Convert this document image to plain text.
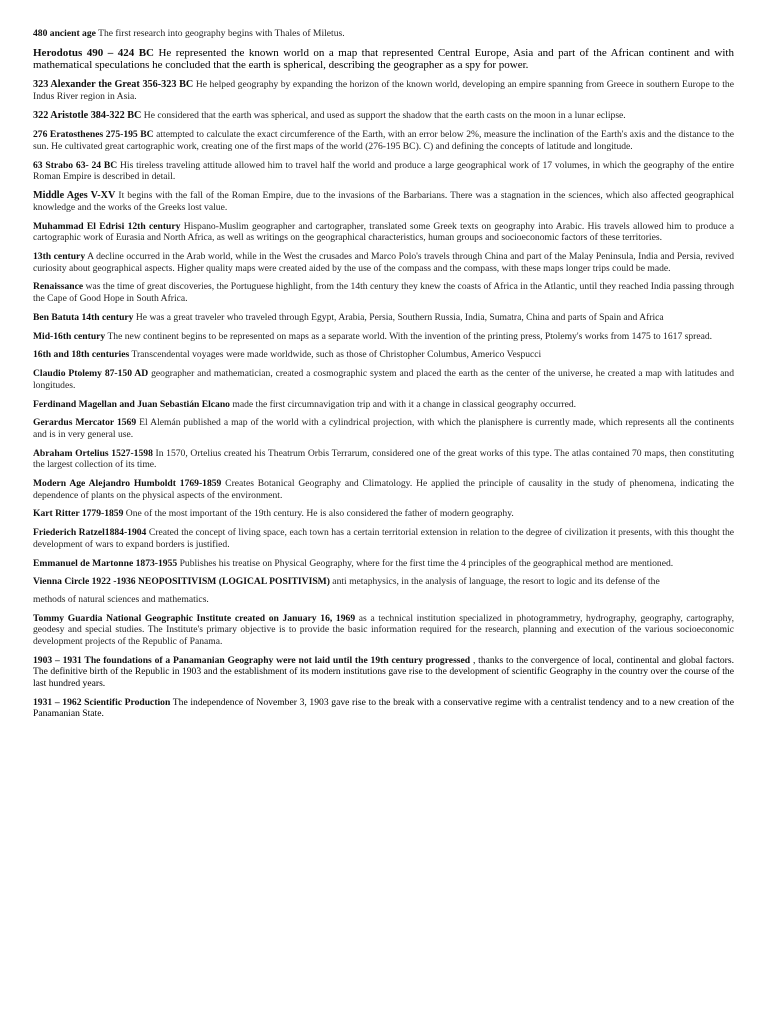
480 ancient age The first research into geography begins with Thales of Miletus.

Herodotus 490 – 424 BC He represented the known world on a map that represented Central Europe, Asia and part of the African continent and with mathematical speculations he concluded that the earth is spherical, describing the geographer as a spy for power.

323 Alexander the Great 356-323 BC He helped geography by expanding the horizon of the known world, developing an empire spanning from Greece in southern Europe to the Indus River region in Asia.

322 Aristotle 384-322 BC He considered that the earth was spherical, and used as support the shadow that the earth casts on the moon in a lunar eclipse.

276 Eratosthenes 275-195 BC attempted to calculate the exact circumference of the Earth, with an error below 2%, measure the inclination of the Earth's axis and the distance to the sun. He cultivated great cartographic work, creating one of the first maps of the world (276-195 BC). C) and defining the concepts of latitude and longitude.

63 Strabo 63- 24 BC His tireless traveling attitude allowed him to travel half the world and produce a large geographical work of 17 volumes, in which the geography of the entire Roman Empire is described in detail.

Middle Ages V-XV It begins with the fall of the Roman Empire, due to the invasions of the Barbarians. There was a stagnation in the sciences, which also affected geographical knowledge and the works of the Greeks lost value.

Muhammad El Edrisi 12th century Hispano-Muslim geographer and cartographer, translated some Greek texts on geography into Arabic. His travels allowed him to produce a cartographic work of Eurasia and North Africa, as well as writings on the geographical characteristics, human groups and socioeconomic factors of these territories.

13th century A decline occurred in the Arab world, while in the West the crusades and Marco Polo's travels through China and part of the Malay Peninsula, India and Persia, revived curiosity about geographical aspects. Higher quality maps were created aided by the use of the compass and the compass, with these maps longer trips could be made.

Renaissance was the time of great discoveries, the Portuguese highlight, from the 14th century they knew the coasts of Africa in the Atlantic, until they reached India passing through the Cape of Good Hope in South Africa.

Ben Batuta 14th century He was a great traveler who traveled through Egypt, Arabia, Persia, Southern Russia, India, Sumatra, China and parts of Spain and Africa

Mid-16th century The new continent begins to be represented on maps as a separate world. With the invention of the printing press, Ptolemy's works from 1475 to 1617 spread.

16th and 18th centuries Transcendental voyages were made worldwide, such as those of Christopher Columbus, Americo Vespucci

Claudio Ptolemy 87-150 AD geographer and mathematician, created a cosmographic system and placed the earth as the center of the universe, he created a map with latitudes and longitudes.

Ferdinand Magellan and Juan Sebastián Elcano made the first circumnavigation trip and with it a change in classical geography occurred.

Gerardus Mercator 1569 El Alemán published a map of the world with a cylindrical projection, with which the planisphere is currently made, which represents all the continents and is in very general use.

Abraham Ortelius 1527-1598 In 1570, Ortelius created his Theatrum Orbis Terrarum, considered one of the great works of this type. The atlas contained 70 maps, then constituting the largest collection of its time.

Modern Age Alejandro Humboldt 1769-1859 Creates Botanical Geography and Climatology. He applied the principle of causality in the study of phenomena, indicating the dependence of plants on the physical aspects of the environment.

Kart Ritter 1779-1859 One of the most important of the 19th century. He is also considered the father of modern geography.

Friederich Ratzel1884-1904 Created the concept of living space, each town has a certain territorial extension in relation to the degree of civilization it presents, with this thought the development of wars to expand borders is justified.

Emmanuel de Martonne 1873-1955 Publishes his treatise on Physical Geography, where for the first time the 4 principles of the geographical method are mentioned.

Vienna Circle 1922 -1936 NEOPOSITIVISM (LOGICAL POSITIVISM) anti metaphysics, in the analysis of language, the resort to logic and its defense of the

methods of natural sciences and mathematics.

Tommy Guardia National Geographic Institute created on January 16, 1969 as a technical institution specialized in photogrammetry, hydrography, geography, cartography, geodesy and special studies. The Institute's primary objective is to provide the basic information required for the research, planning and execution of the various socioeconomic development projects of the Republic of Panama.

1903 – 1931 The foundations of a Panamanian Geography were not laid until the 19th century progressed , thanks to the convergence of local, continental and global factors. The definitive birth of the Republic in 1903 and the establishment of its modern institutions gave rise to the development of scientific Geography in the country over the course of the last hundred years.

1931 – 1962 Scientific Production The independence of November 3, 1903 gave rise to the break with a conservative regime with a centralist tendency and to a new creation of the Panamanian State.
